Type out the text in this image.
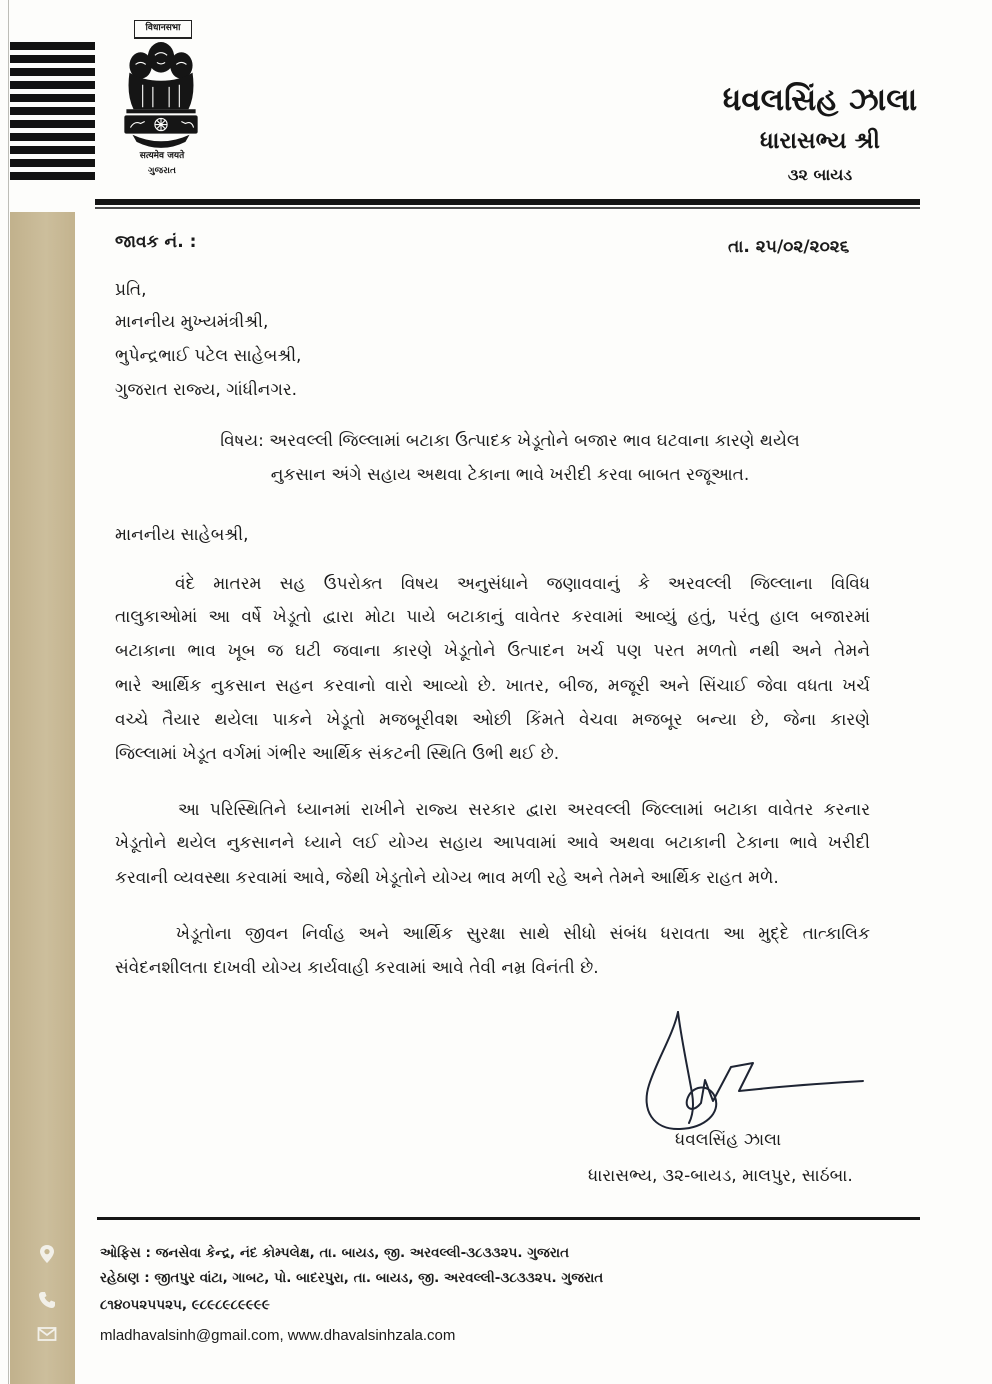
विधानसभा
सत्यमेव जयते
ગુજરાત
ધવલસિંહ ઝાલા
ધારાસભ્ય શ્રી
૩૨ બાયડ
જાવક નં. :	તા. ૨૫/૦૨/૨૦૨૬
પ્રતિ,
માનનીય મુખ્યમંત્રીશ્રી,
ભુપેન્દ્રભાઈ પટેલ સાહેબશ્રી,
ગુજરાત રાજ્ય, ગાંધીનગર.
વિષય: અરવલ્લી જિલ્લામાં બટાકા ઉત્પાદક ખેડૂતોને બજાર ભાવ ઘટવાના કારણે થયેલ
નુકસાન અંગે સહાય અથવા ટેકાના ભાવે ખરીદી કરવા બાબત રજૂઆત.
માનનીય સાહેબશ્રી,
વંદે માતરમ સહ ઉપરોક્ત વિષય અનુસંધાને જણાવવાનું કે અરવલ્લી જિલ્લાના વિવિધ
તાલુકાઓમાં આ વર્ષે ખેડૂતો દ્વારા મોટા પાયે બટાકાનું વાવેતર કરવામાં આવ્યું હતું, પરંતુ હાલ બજારમાં
બટાકાના ભાવ ખૂબ જ ઘટી જવાના કારણે ખેડૂતોને ઉત્પાદન ખર્ચ પણ પરત મળતો નથી અને તેમને
ભારે આર્થિક નુકસાન સહન કરવાનો વારો આવ્યો છે. ખાતર, બીજ, મજૂરી અને સિંચાઈ જેવા વધતા ખર્ચ
વચ્ચે તૈયાર થયેલા પાકને ખેડૂતો મજબૂરીવશ ઓછી કિંમતે વેચવા મજબૂર બન્યા છે, જેના કારણે
જિલ્લામાં ખેડૂત વર્ગમાં ગંભીર આર્થિક સંકટની સ્થિતિ ઉભી થઈ છે.
આ પરિસ્થિતિને ધ્યાનમાં રાખીને રાજ્ય સરકાર દ્વારા અરવલ્લી જિલ્લામાં બટાકા વાવેતર કરનાર
ખેડૂતોને થયેલ નુકસાનને ધ્યાને લઈ યોગ્ય સહાય આપવામાં આવે અથવા બટાકાની ટેકાના ભાવે ખરીદી
કરવાની વ્યવસ્થા કરવામાં આવે, જેથી ખેડૂતોને યોગ્ય ભાવ મળી રહે અને તેમને આર્થિક રાહત મળે.
ખેડૂતોના જીવન નિર્વાહ અને આર્થિક સુરક્ષા સાથે સીધો સંબંધ ધરાવતા આ મુદ્દે તાત્કાલિક
સંવેદનશીલતા દાખવી યોગ્ય કાર્યવાહી કરવામાં આવે તેવી નમ્ર વિનંતી છે.
ધવલસિંહ ઝાલા
ધારાસભ્ય, ૩૨-બાયડ, માલપુર, સાઠંબા.
ઓફિસ : જનસેવા કેન્દ્ર, નંદ કોમ્પલેક્ષ, તા. બાયડ, જી. અરવલ્લી-૩૮૩૩૨૫. ગુજરાત
રહેઠાણ : જીતપુર વાંટા, ગાબટ, પો. બાદરપુરા, તા. બાયડ, જી. અરવલ્લી-૩૮૩૩૨૫. ગુજરાત
૮૧૪૦૫૨૫૫૨૫, ૯૮૯૮૯૮૯૯૯૯
mladhavalsinh@gmail.com, www.dhavalsinhzala.com
